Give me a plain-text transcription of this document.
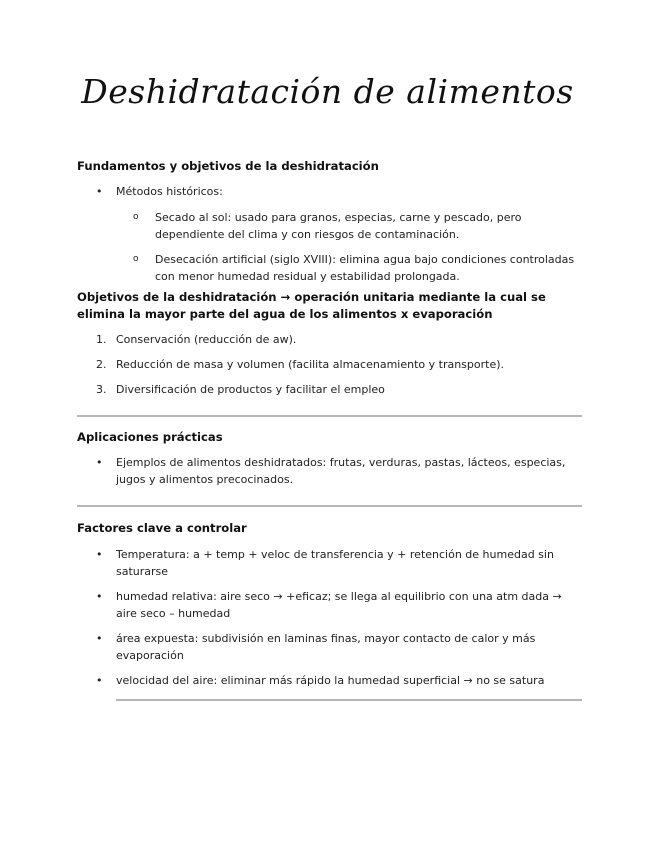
Deshidratación de alimentos
Fundamentos y objetivos de la deshidratación
• Métodos históricos:
o Secado al sol: usado para granos, especias, carne y pescado, pero dependiente del clima y con riesgos de contaminación.
o Desecación artificial (siglo XVIII): elimina agua bajo condiciones controladas con menor humedad residual y estabilidad prolongada.
Objetivos de la deshidratación → operación unitaria mediante la cual se elimina la mayor parte del agua de los alimentos x evaporación
1. Conservación (reducción de aw).
2. Reducción de masa y volumen (facilita almacenamiento y transporte).
3. Diversificación de productos y facilitar el empleo
Aplicaciones prácticas
• Ejemplos de alimentos deshidratados: frutas, verduras, pastas, lácteos, especias, jugos y alimentos precocinados.
Factores clave a controlar
• Temperatura: a + temp + veloc de transferencia y + retención de humedad sin saturarse
• humedad relativa: aire seco → +eficaz; se llega al equilibrio con una atm dada → aire seco – humedad
• área expuesta: subdivisión en laminas finas, mayor contacto de calor y más evaporación
• velocidad del aire: eliminar más rápido la humedad superficial → no se satura
